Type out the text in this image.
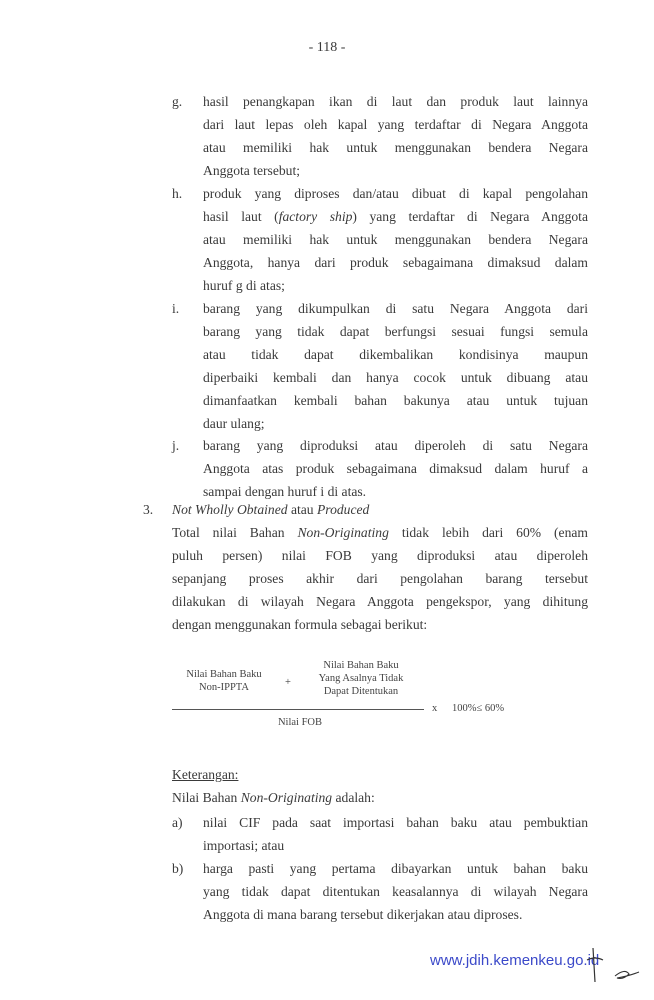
- 118 -
g. hasil penangkapan ikan di laut dan produk laut lainnya
dari laut lepas oleh kapal yang terdaftar di Negara Anggota
atau memiliki hak untuk menggunakan bendera Negara
Anggota tersebut;
h. produk yang diproses dan/atau dibuat di kapal pengolahan
hasil laut (factory ship) yang terdaftar di Negara Anggota
atau memiliki hak untuk menggunakan bendera Negara
Anggota, hanya dari produk sebagaimana dimaksud dalam
huruf g di atas;
i. barang yang dikumpulkan di satu Negara Anggota dari
barang yang tidak dapat berfungsi sesuai fungsi semula
atau tidak dapat dikembalikan kondisinya maupun
diperbaiki kembali dan hanya cocok untuk dibuang atau
dimanfaatkan kembali bahan bakunya atau untuk tujuan
daur ulang;
j. barang yang diproduksi atau diperoleh di satu Negara
Anggota atas produk sebagaimana dimaksud dalam huruf a
sampai dengan huruf i di atas.
3. Not Wholly Obtained atau Produced
Total nilai Bahan Non-Originating tidak lebih dari 60% (enam
puluh persen) nilai FOB yang diproduksi atau diperoleh
sepanjang proses akhir dari pengolahan barang tersebut
dilakukan di wilayah Negara Anggota pengekspor, yang dihitung
dengan menggunakan formula sebagai berikut:
Keterangan:
Nilai Bahan Non-Originating adalah:
a) nilai CIF pada saat importasi bahan baku atau pembuktian
importasi; atau
b) harga pasti yang pertama dibayarkan untuk bahan baku
yang tidak dapat ditentukan keasalannya di wilayah Negara
Anggota di mana barang tersebut dikerjakan atau diproses.
Nilai Bahan Baku
Non-IPPTA	+
Nilai Bahan Baku
Yang Asalnya Tidak
Dapat Ditentukan
Nilai FOB
x 100%≤ 60%
www.jdih.kemenkeu.go.id
